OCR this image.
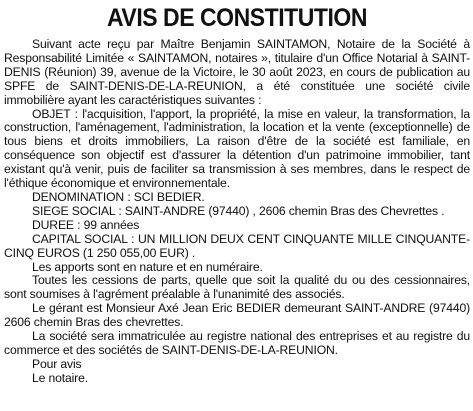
AVIS DE CONSTITUTION

Suivant acte reçu par Maître Benjamin SAINTAMON, Notaire de la Société à Responsabilité Limitée « SAINTAMON, notaires », titulaire d'un Office Notarial à SAINT-DENIS (Réunion) 39, avenue de la Victoire, le 30 août 2023, en cours de publication au SPFE de SAINT-DENIS-DE-LA-REUNION, a été constituée une société civile immobilière ayant les caractéristiques suivantes :

OBJET : l'acquisition, l'apport, la propriété, la mise en valeur, la transformation, la construction, l'aménagement, l'administration, la location et la vente (exceptionnelle) de tous biens et droits immobiliers, La raison d'être de la société est familiale, en conséquence son objectif est d'assurer la détention d'un patrimoine immobilier, tant existant qu'à venir, puis de faciliter sa transmission à ses membres, dans le respect de l'éthique économique et environnementale.

DENOMINATION : SCI BEDIER.

SIEGE SOCIAL : SAINT-ANDRE (97440) , 2606 chemin Bras des Chevrettes .

DUREE : 99 années

CAPITAL SOCIAL : UN MILLION DEUX CENT CINQUANTE MILLE CINQUANTE-CINQ EUROS (1 250 055,00 EUR) .

Les apports sont en nature et en numéraire.

Toutes les cessions de parts, quelle que soit la qualité du ou des cessionnaires, sont soumises à l'agrément préalable à l'unanimité des associés.

Le gérant est Monsieur Axé Jean Eric BEDIER demeurant SAINT-ANDRE (97440) 2606 chemin Bras des chevrettes.

La société sera immatriculée au registre national des entreprises et au registre du commerce et des sociétés de SAINT-DENIS-DE-LA-REUNION.

Pour avis

Le notaire.
